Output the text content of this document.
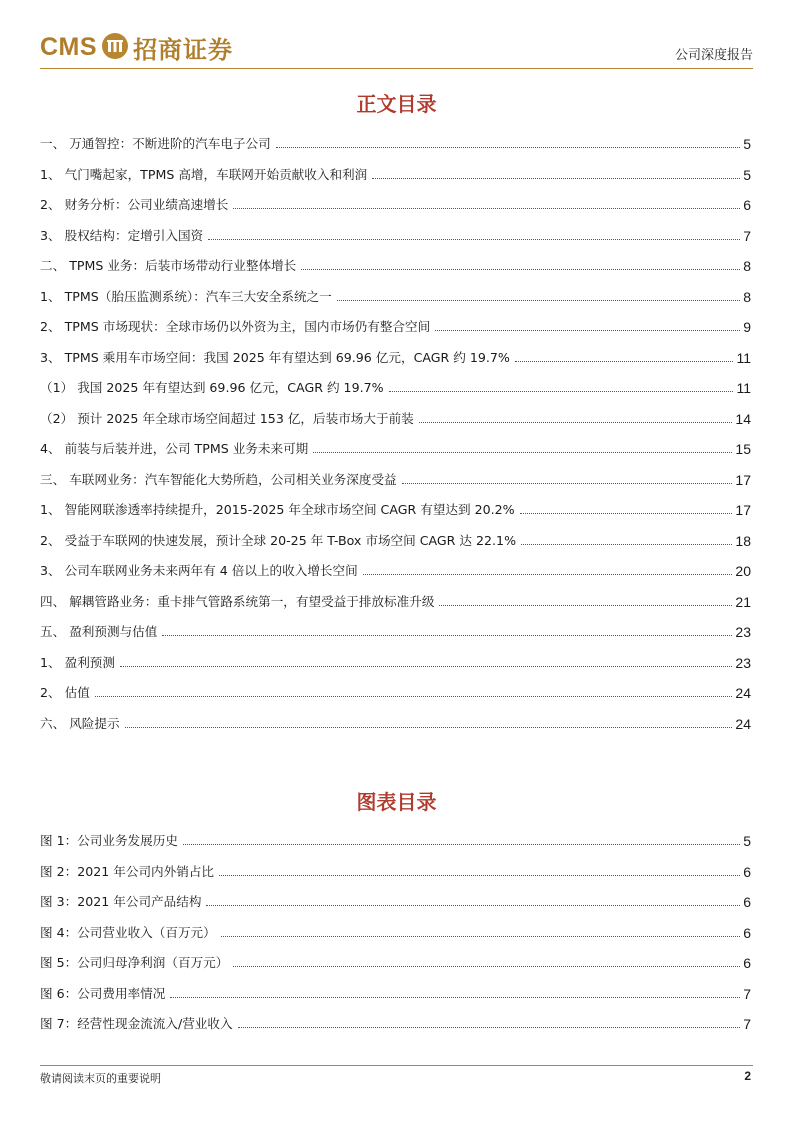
CMS 招商证券	公司深度报告
正文目录
一、 万通智控：不断进阶的汽车电子公司	5
1、 气门嘴起家，TPMS 高增，车联网开始贡献收入和利润	5
2、 财务分析：公司业绩高速增长	6
3、 股权结构：定增引入国资	7
二、 TPMS 业务：后装市场带动行业整体增长	8
1、 TPMS（胎压监测系统）：汽车三大安全系统之一	8
2、 TPMS 市场现状：全球市场仍以外资为主，国内市场仍有整合空间	9
3、 TPMS 乘用车市场空间：我国 2025 年有望达到 69.96 亿元，CAGR 约 19.7%	11
（1） 我国 2025 年有望达到 69.96 亿元，CAGR 约 19.7%	11
（2） 预计 2025 年全球市场空间超过 153 亿，后装市场大于前装	14
4、 前装与后装并进，公司 TPMS 业务未来可期	15
三、 车联网业务：汽车智能化大势所趋，公司相关业务深度受益	17
1、 智能网联渗透率持续提升，2015-2025 年全球市场空间 CAGR 有望达到 20.2%	17
2、 受益于车联网的快速发展，预计全球 20-25 年 T-Box 市场空间 CAGR 达 22.1%	18
3、 公司车联网业务未来两年有 4 倍以上的收入增长空间	20
四、 解耦管路业务：重卡排气管路系统第一，有望受益于排放标准升级	21
五、 盈利预测与估值	23
1、 盈利预测	23
2、 估值	24
六、 风险提示	24
图表目录
图 1：公司业务发展历史	5
图 2：2021 年公司内外销占比	6
图 3：2021 年公司产品结构	6
图 4：公司营业收入（百万元）	6
图 5：公司归母净利润（百万元）	6
图 6：公司费用率情况	7
图 7：经营性现金流流入/营业收入	7
敬请阅读末页的重要说明	2
